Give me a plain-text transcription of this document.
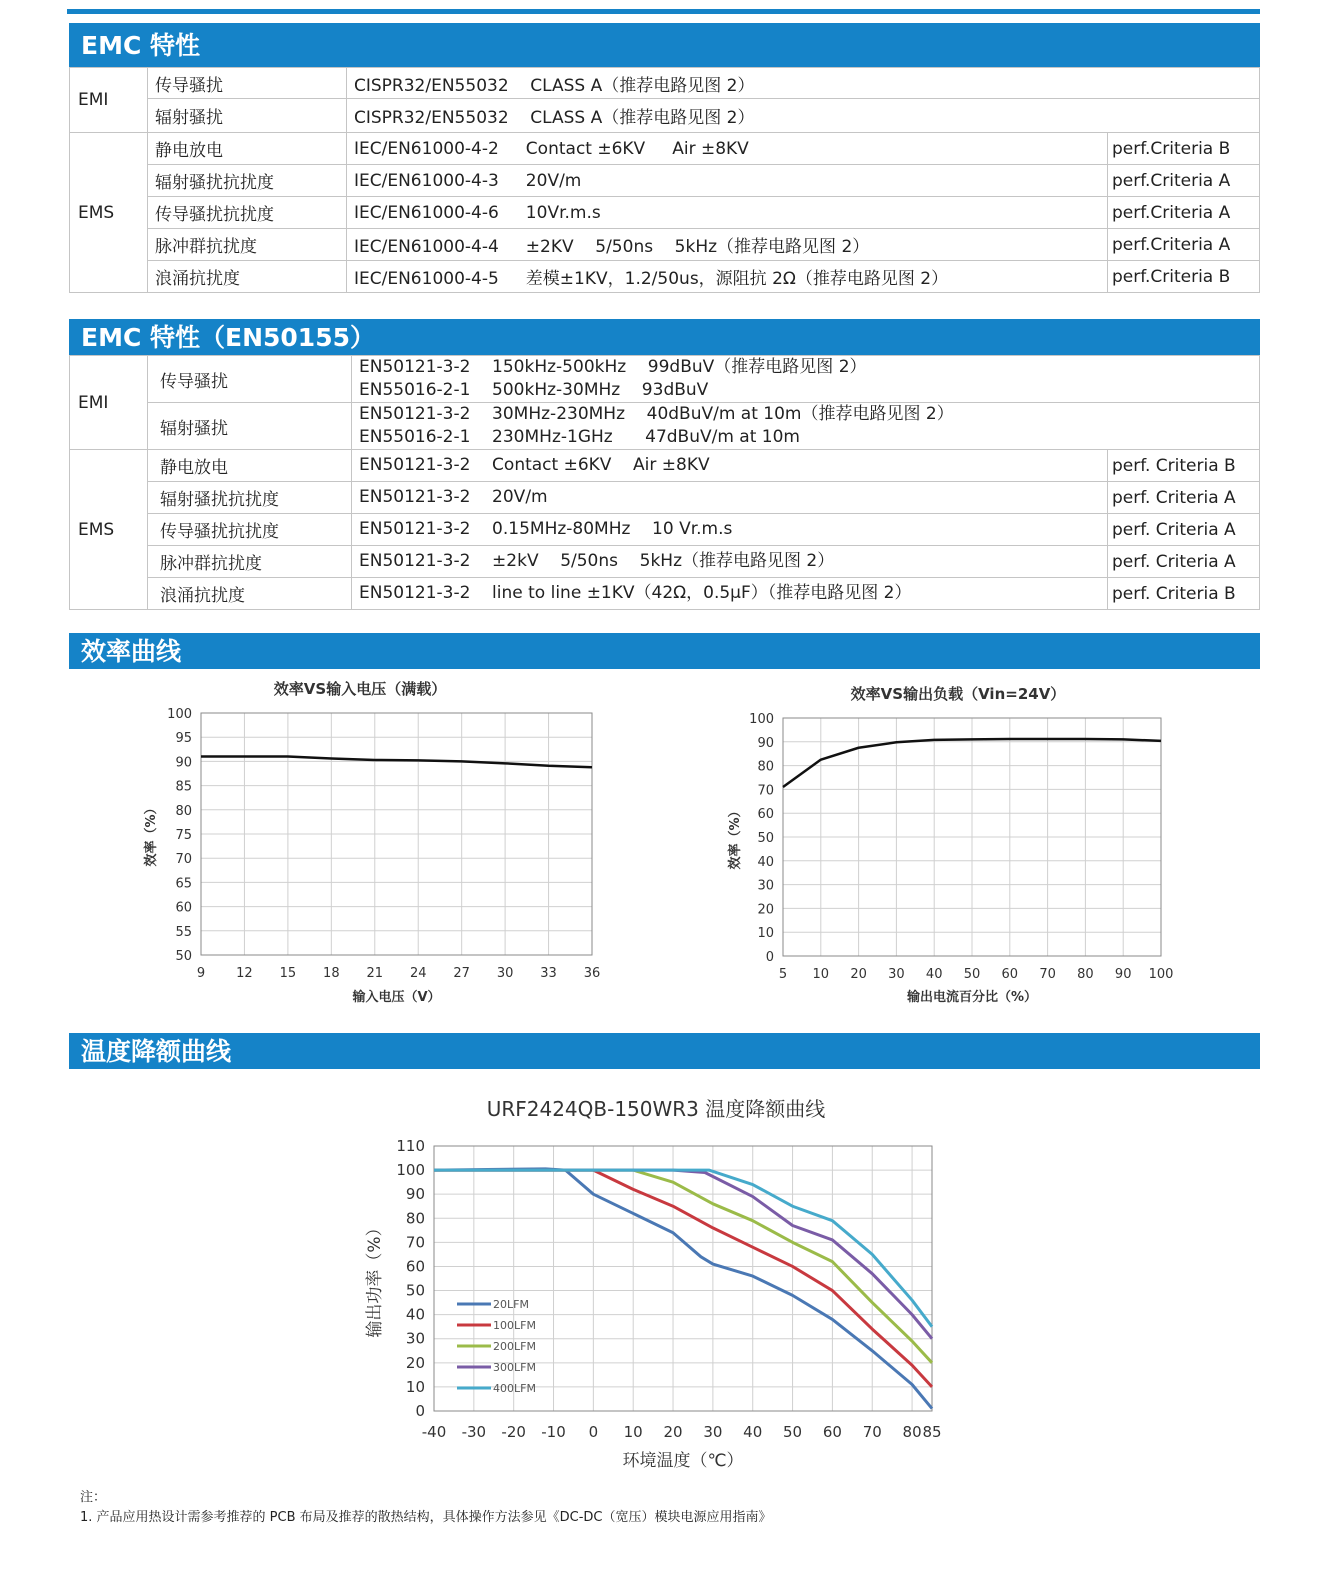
EMC 特性
EMI	传导骚扰	CISPR32/EN55032    CLASS A（推荐电路见图 2）	
	辐射骚扰	CISPR32/EN55032    CLASS A（推荐电路见图 2）	
EMS	静电放电	IEC/EN61000-4-2     Contact ±6KV     Air ±8KV	perf.Criteria B
	辐射骚扰抗扰度	IEC/EN61000-4-3     20V/m	perf.Criteria A
	传导骚扰抗扰度	IEC/EN61000-4-6     10Vr.m.s	perf.Criteria A
	脉冲群抗扰度	IEC/EN61000-4-4     ±2KV    5/50ns    5kHz（推荐电路见图 2）	perf.Criteria A
	浪涌抗扰度	IEC/EN61000-4-5     差模±1KV，1.2/50us，源阻抗 2Ω（推荐电路见图 2）	perf.Criteria B
EMC 特性（EN50155）
EMI	传导骚扰	EN50121-3-2    150kHz-500kHz    99dBuV（推荐电路见图 2）
EN55016-2-1    500kHz-30MHz    93dBuV	

	辐射骚扰	EN50121-3-2    30MHz-230MHz    40dBuV/m at 10m（推荐电路见图 2）
EN55016-2-1    230MHz-1GHz      47dBuV/m at 10m	

EMS	静电放电	EN50121-3-2    Contact ±6KV    Air ±8KV	perf. Criteria B
	辐射骚扰抗扰度	EN50121-3-2    20V/m	perf. Criteria A
	传导骚扰抗扰度	EN50121-3-2    0.15MHz-80MHz    10 Vr.m.s	perf. Criteria A
	脉冲群抗扰度	EN50121-3-2    ±2kV    5/50ns    5kHz（推荐电路见图 2）	perf. Criteria A
	浪涌抗扰度	EN50121-3-2    line to line ±1KV（42Ω，0.5μF）（推荐电路见图 2）	perf. Criteria B
效率曲线
效率VS输入电压（满载）
50
55
60
65
70
75
80
85
90
95
100
9 12 15 18 21 24 27 30 33 36
输入电压（V）
效率（%）
效率VS输出负载（Vin=24V）
0
10
20
30
40
50
60
70
80
90
100
5 10 20 30 40 50 60 70 80 90 100
输出电流百分比（%）
效率（%）
温度降额曲线
URF2424QB-150WR3 温度降额曲线
0
10
20
30
40
50
60
70
80
90
100
110
-40 -30 -20 -10 0 10 20 30 40 50 60 70 80 85
环境温度（℃）
输出功率（%）	20LFM
100LFM
200LFM
300LFM
400LFM
注：
1. 产品应用热设计需参考推荐的 PCB 布局及推荐的散热结构，具体操作方法参见《DC-DC（宽压）模块电源应用指南》
